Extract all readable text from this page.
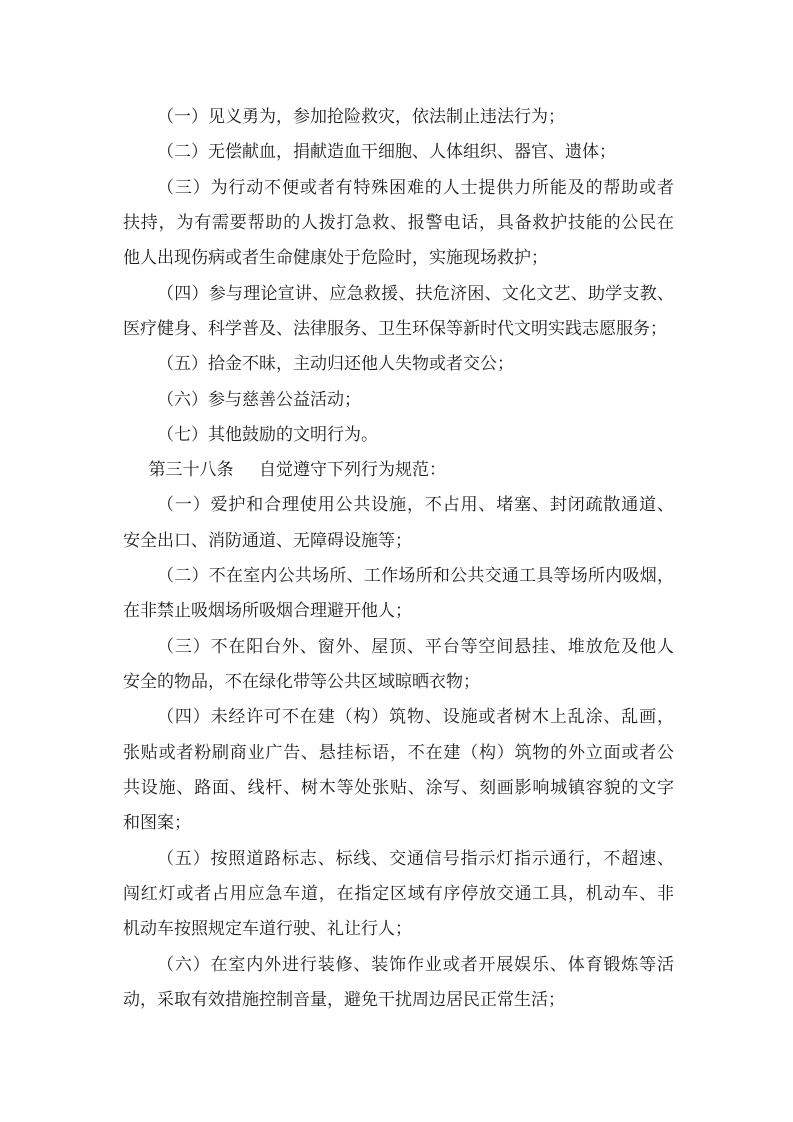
（一）见义勇为，参加抢险救灾，依法制止违法行为；
（二）无偿献血，捐献造血干细胞、人体组织、器官、遗体；
（三）为行动不便或者有特殊困难的人士提供力所能及的帮助或者
扶持，为有需要帮助的人拨打急救、报警电话，具备救护技能的公民在
他人出现伤病或者生命健康处于危险时，实施现场救护；
（四）参与理论宣讲、应急救援、扶危济困、文化文艺、助学支教、
医疗健身、科学普及、法律服务、卫生环保等新时代文明实践志愿服务；
（五）拾金不昧，主动归还他人失物或者交公；
（六）参与慈善公益活动；
（七）其他鼓励的文明行为。
第三十八条 自觉遵守下列行为规范：
（一）爱护和合理使用公共设施，不占用、堵塞、封闭疏散通道、
安全出口、消防通道、无障碍设施等；
（二）不在室内公共场所、工作场所和公共交通工具等场所内吸烟，
在非禁止吸烟场所吸烟合理避开他人；
（三）不在阳台外、窗外、屋顶、平台等空间悬挂、堆放危及他人
安全的物品，不在绿化带等公共区域晾晒衣物；
（四）未经许可不在建（构）筑物、设施或者树木上乱涂、乱画，
张贴或者粉刷商业广告、悬挂标语，不在建（构）筑物的外立面或者公
共设施、路面、线杆、树木等处张贴、涂写、刻画影响城镇容貌的文字
和图案；
（五）按照道路标志、标线、交通信号指示灯指示通行，不超速、
闯红灯或者占用应急车道，在指定区域有序停放交通工具，机动车、非
机动车按照规定车道行驶、礼让行人；
（六）在室内外进行装修、装饰作业或者开展娱乐、体育锻炼等活
动，采取有效措施控制音量，避免干扰周边居民正常生活；
